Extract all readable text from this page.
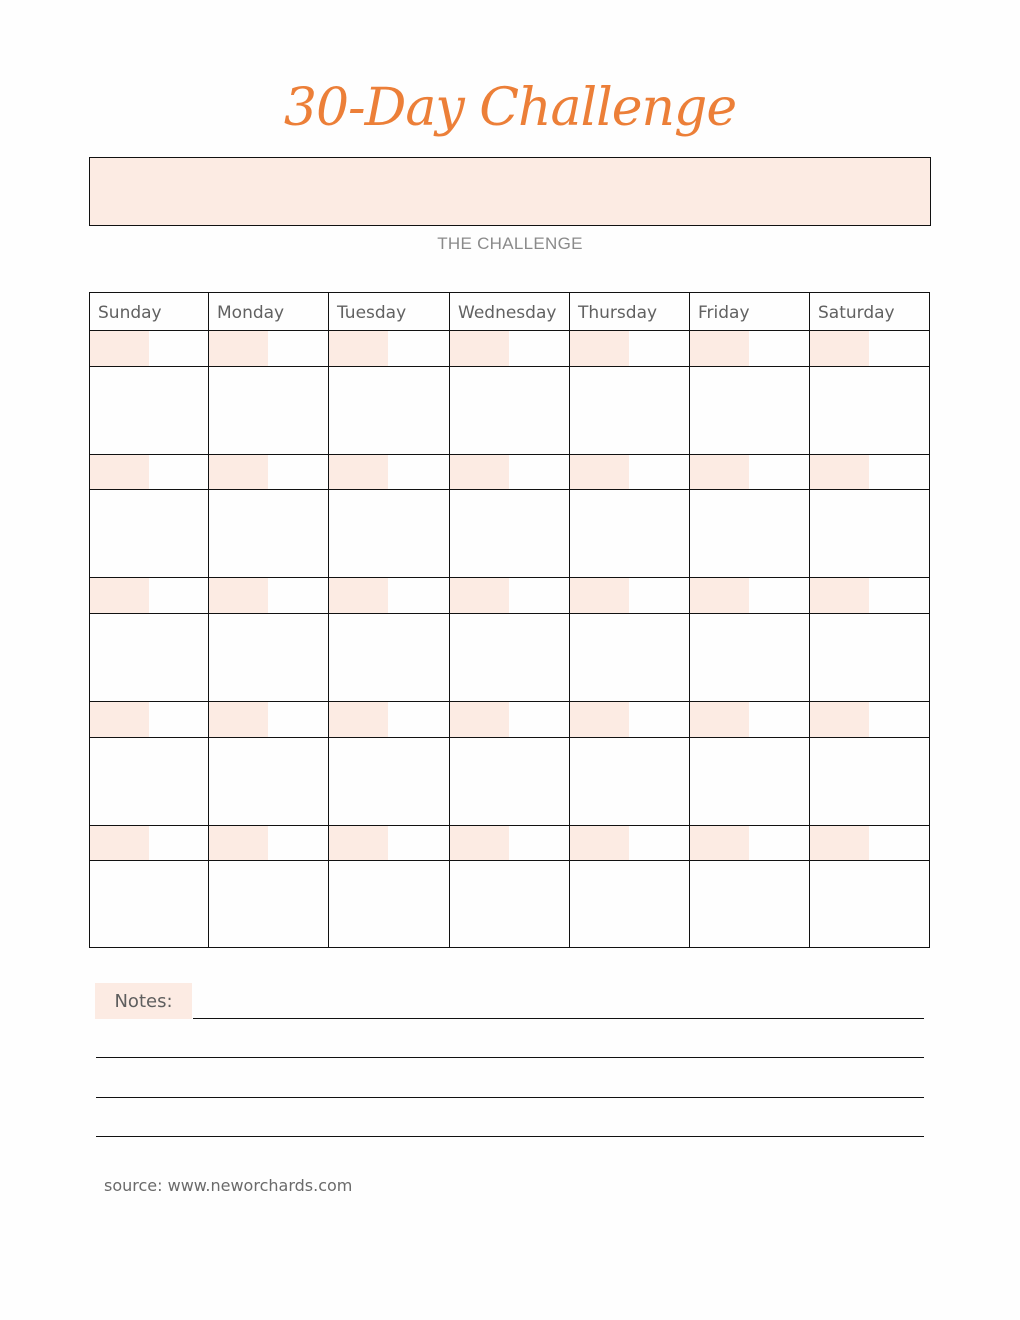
30-Day Challenge
THE CHALLENGE
Sunday	Monday	Tuesday	Wednesday	Thursday	Friday	Saturday
Notes:
source: www.neworchards.com
